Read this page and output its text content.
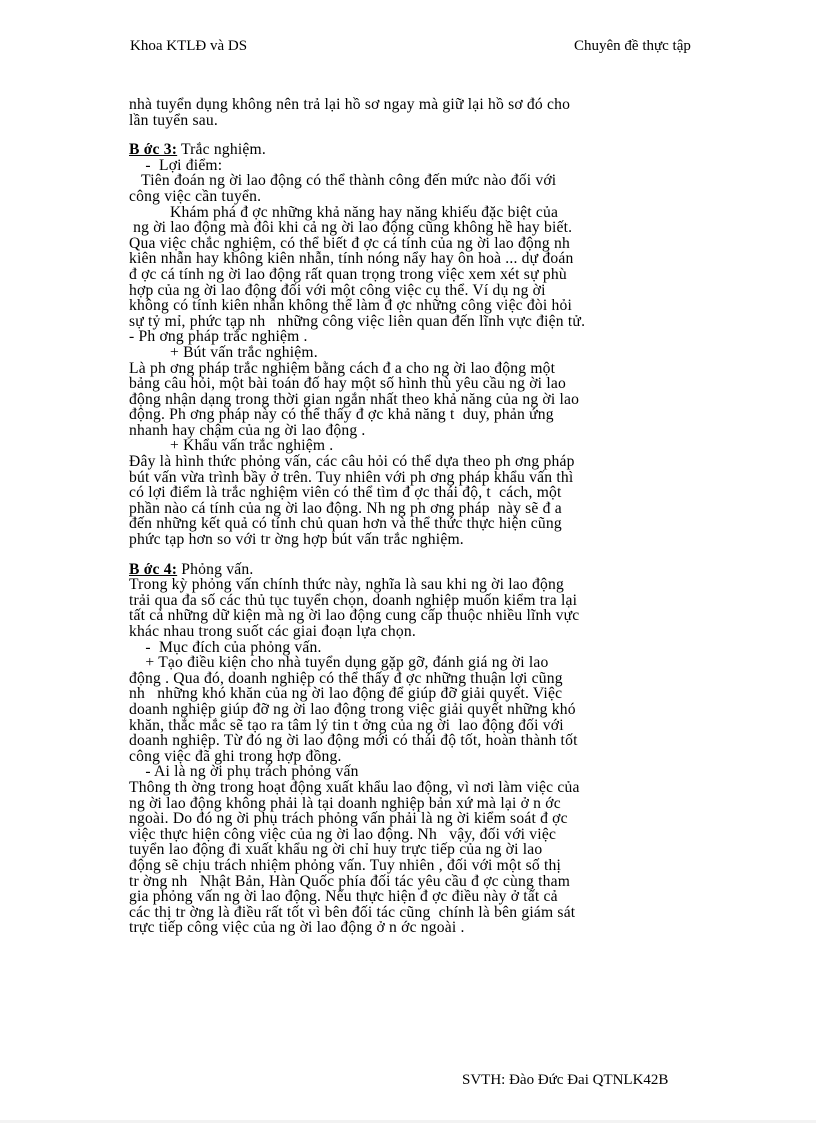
Khoa KTLĐ và DS	Chuyên đề thực tập
nhà tuyển dụng không nên trả lại hồ sơ ngay mà giữ lại hồ sơ đó cho
lần tuyển sau.
B ớc 3: Trắc nghiệm.
-  Lợi điểm:
Tiên đoán ng ời lao động có thể thành công đến mức nào đối với
công việc cần tuyển.
Khám phá đ ợc những khả năng hay năng khiếu đặc biệt của
ng ời lao động mà đôi khi cả ng ời lao động cũng không hề hay biết.
Qua việc chắc nghiệm, có thể biết đ ợc cá tính của ng ời lao động nh
kiên nhẫn hay không kiên nhẫn, tính nóng nẩy hay ôn hoà ... dự đoán
đ ợc cá tính ng ời lao động rất quan trọng trong việc xem xét sự phù
hợp của ng ời lao động đối với một công việc cụ thể. Ví dụ ng ời
không có tính kiên nhẫn không thể làm đ ợc những công việc đòi hỏi
sự tỷ mỉ, phức tạp nh   những công việc liên quan đến lĩnh vực điện tử.
- Ph ơng pháp trắc nghiệm .
+ Bút vấn trắc nghiệm.
Là ph ơng pháp trắc nghiệm bằng cách đ a cho ng ời lao động một
bảng câu hỏi, một bài toán đố hay một số hình thù yêu cầu ng ời lao
động nhận dạng trong thời gian ngắn nhất theo khả năng của ng ời lao
động. Ph ơng pháp này có thể thấy đ ợc khả năng t  duy, phản ứng
nhanh hay chậm của ng ời lao động .
+ Khẩu vấn trắc nghiệm .
Đây là hình thức phỏng vấn, các câu hỏi có thể dựa theo ph ơng pháp
bút vấn vừa trình bầy ở trên. Tuy nhiên với ph ơng pháp khẩu vấn thì
có lợi điểm là trắc nghiệm viên có thể tìm đ ợc thái độ, t  cách, một
phần nào cá tính của ng ời lao động. Nh ng ph ơng pháp  này sẽ đ a
đến những kết quả có tính chủ quan hơn và thể thức thực hiện cũng
phức tạp hơn so với tr ờng hợp bút vấn trắc nghiệm.
B ớc 4: Phỏng vấn.
Trong kỳ phỏng vấn chính thức này, nghĩa là sau khi ng ời lao động
trải qua đa số các thủ tục tuyển chọn, doanh nghiệp muốn kiểm tra lại
tất cả những dữ kiện mà ng ời lao động cung cấp thuộc nhiều lĩnh vực
khác nhau trong suốt các giai đoạn lựa chọn.
-  Mục đích của phỏng vấn.
+ Tạo điều kiện cho nhà tuyển dụng gặp gỡ, đánh giá ng ời lao
động . Qua đó, doanh nghiệp có thể thấy đ ợc những thuận lợi cũng
nh   những khó khăn của ng ời lao động để giúp đỡ giải quyết. Việc
doanh nghiệp giúp đỡ ng ời lao động trong việc giải quyết những khó
khăn, thắc mắc sẽ tạo ra tâm lý tin t ởng của ng ời  lao động đối với
doanh nghiệp. Từ đó ng ời lao động mới có thái độ tốt, hoàn thành tốt
công việc đã ghi trong hợp đồng.
- Ai là ng ời phụ trách phỏng vấn
Thông th ờng trong hoạt động xuất khẩu lao động, vì nơi làm việc của
ng ời lao động không phải là tại doanh nghiệp bản xứ mà lại ở n ớc
ngoài. Do đó ng ời phụ trách phỏng vấn phải là ng ời kiểm soát đ ợc
việc thực hiện công việc của ng ời lao động. Nh   vậy, đối với việc
tuyển lao động đi xuất khẩu ng ời chỉ huy trực tiếp của ng ời lao
động sẽ chịu trách nhiệm phỏng vấn. Tuy nhiên , đối với một số thị
tr ờng nh   Nhật Bản, Hàn Quốc phía đối tác yêu cầu đ ợc cùng tham
gia phỏng vấn ng ời lao động. Nếu thực hiện đ ợc điều này ở tất cả
các thị tr ờng là điều rất tốt vì bên đối tác cũng  chính là bên giám sát
trực tiếp công việc của ng ời lao động ở n ớc ngoài .
SVTH: Đào Đức Đai QTNLK42B
